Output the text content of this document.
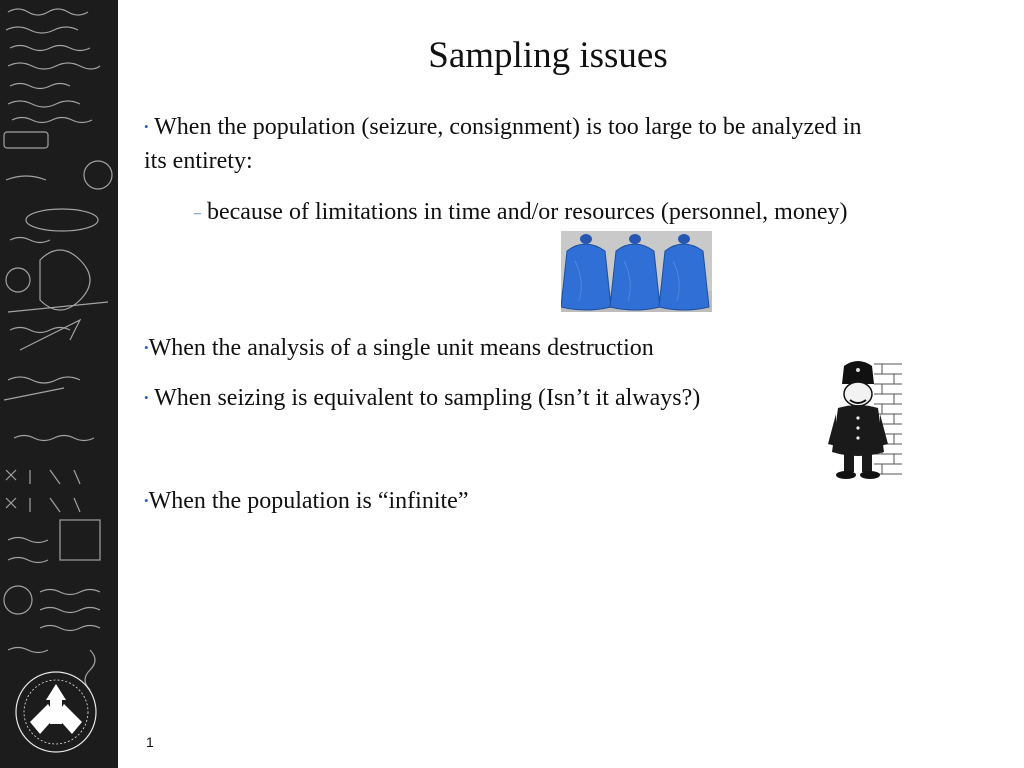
Sampling issues
• When the population (seizure, consignment) is too large to be analyzed in its entirety:
– because of limitations in time and/or resources (personnel, money)
•When the analysis of a single unit means destruction
• When seizing is equivalent to sampling (Isn’t it always?)
•When the population is “infinite”
1
